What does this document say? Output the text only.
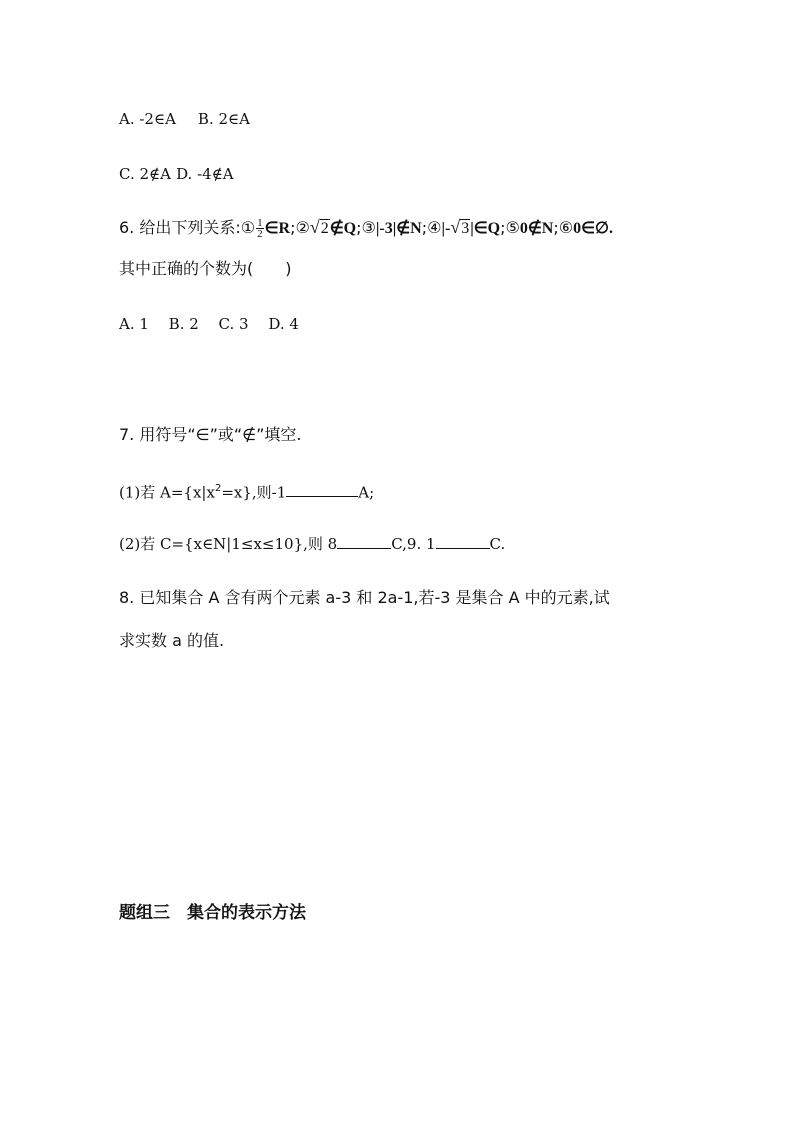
A. -2∈A B. 2∈A
C. 2∉A D. -4∉A
6. 给出下列关系:① $\frac{1}{2}$ ∈R;②√2∉Q;③|-3|∉N;④|-√3|∈Q;⑤0∉N;⑥0∈∅.
其中正确的个数为(　　)
A. 1　 B. 2　 C. 3　 D. 4
7. 用符号“∈”或“∉”填空.
(1)若 $A=\{x|x^2=x\}$,则-1	A;
(2)若 C={x∈N|1≤x≤10},则 8	C,9. 1	C.
8. 已知集合 A 含有两个元素 a-3 和 2a-1,若-3 是集合 A 中的元素,试
求实数 a 的值.
题组三　集合的表示方法
